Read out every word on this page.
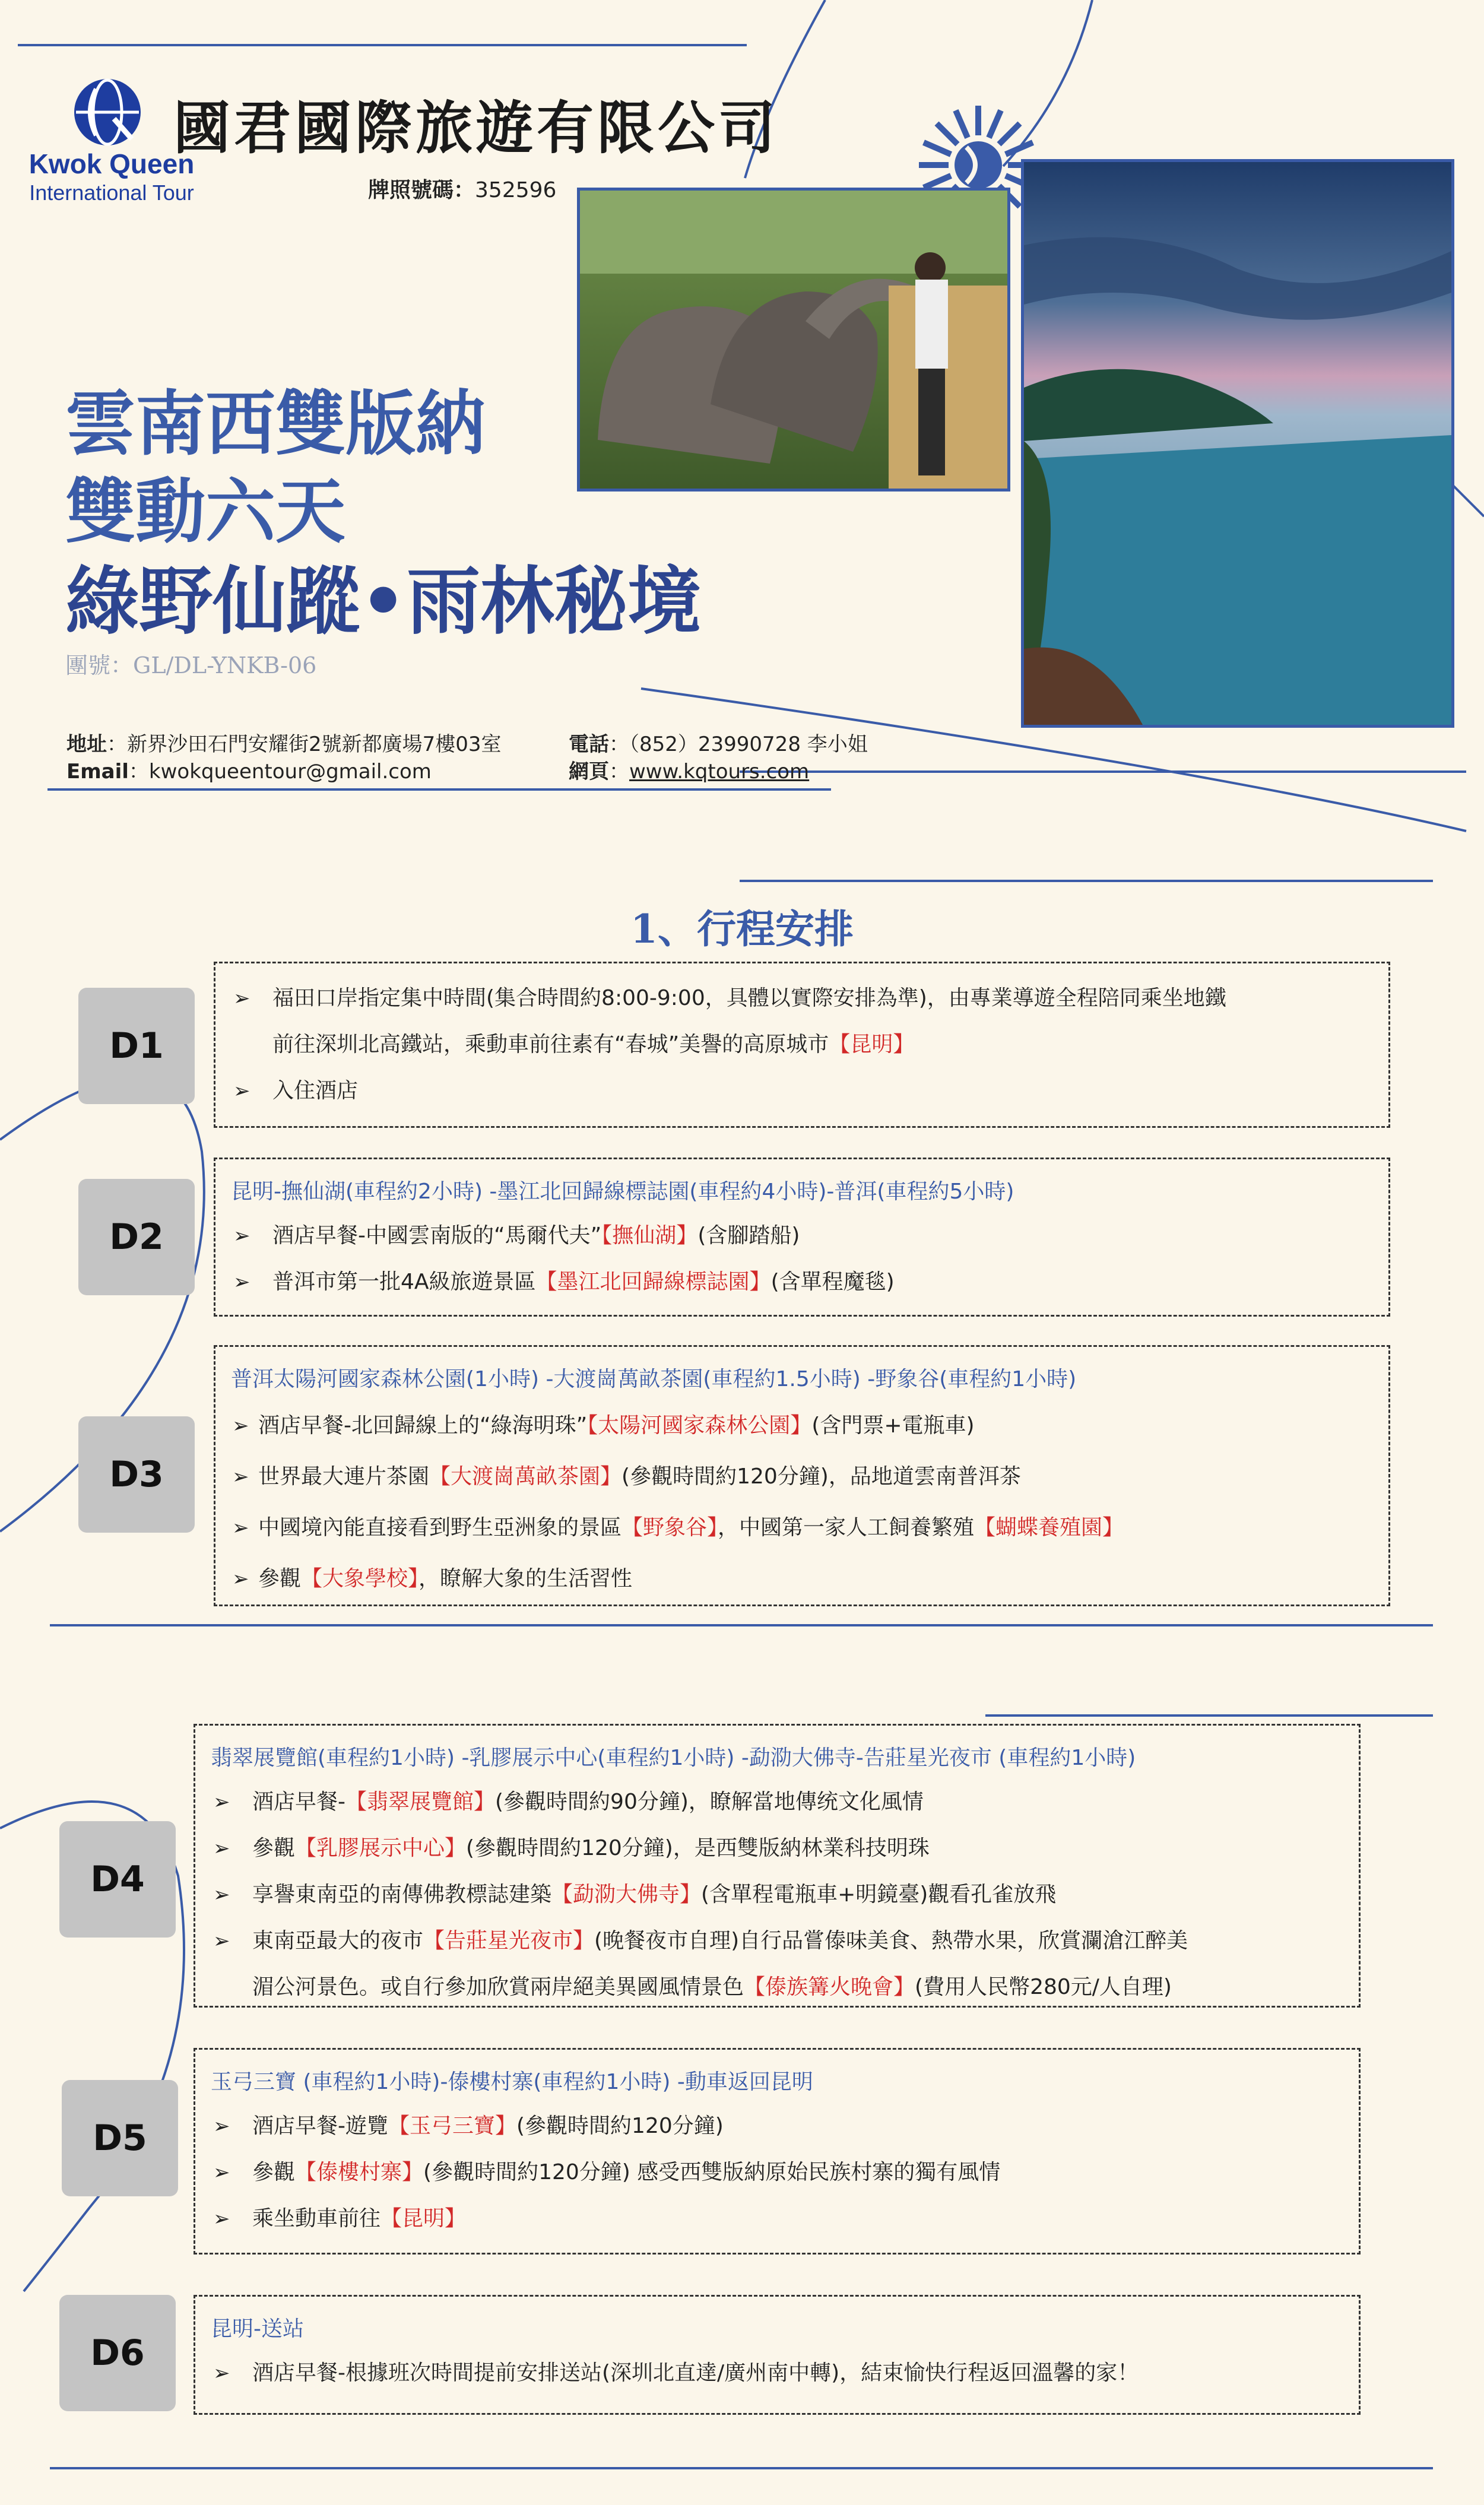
Kwok Queen
International Tour
國君國際旅遊有限公司
牌照號碼：352596
雲南西雙版納
雙動六天
綠野仙蹤•雨林秘境
團號：GL/DL-YNKB-06
地址：新界沙田石門安耀街2號新都廣場7樓03室
Email：kwokqueentour@gmail.com
電話：（852）23990728 李小姐
網頁：www.kqtours.com
1、行程安排
D1
➢ 福田口岸指定集中時間(集合時間約8:00-9:00，具體以實際安排為準)，由專業導遊全程陪同乘坐地鐵
前往深圳北高鐵站，乘動車前往素有“春城”美譽的高原城市【昆明】
➢ 入住酒店
D2
昆明-撫仙湖(車程約2小時) -墨江北回歸線標誌園(車程約4小時)-普洱(車程約5小時)
➢ 酒店早餐-中國雲南版的“馬爾代夫”【撫仙湖】(含腳踏船)
➢ 普洱市第一批4A級旅遊景區【墨江北回歸線標誌園】(含單程魔毯)
D3
普洱太陽河國家森林公園(1小時) -大渡崗萬畝茶園(車程約1.5小時) -野象谷(車程約1小時)
➢ 酒店早餐-北回歸線上的“綠海明珠”【太陽河國家森林公園】(含門票+電瓶車)
➢ 世界最大連片茶園【大渡崗萬畝茶園】(參觀時間約120分鐘)，品地道雲南普洱茶
➢ 中國境內能直接看到野生亞洲象的景區【野象谷】，中國第一家人工飼養繁殖【蝴蝶養殖園】
➢ 參觀【大象學校】，瞭解大象的生活習性
D4
翡翠展覽館(車程約1小時) -乳膠展示中心(車程約1小時) -勐泐大佛寺-告莊星光夜市 (車程約1小時)
➢ 酒店早餐-【翡翠展覽館】(參觀時間約90分鐘)，瞭解當地傳统文化風情
➢ 參觀【乳膠展示中心】(參觀時間約120分鐘)，是西雙版納林業科技明珠
➢ 享譽東南亞的南傳佛教標誌建築【勐泐大佛寺】(含單程電瓶車+明鏡臺)觀看孔雀放飛
➢ 東南亞最大的夜市【告莊星光夜市】(晚餐夜市自理)自行品嘗傣味美食、熱帶水果，欣賞瀾滄江醉美
湄公河景色。或自行參加欣賞兩岸絕美異國風情景色【傣族篝火晚會】(費用人民幣280元/人自理)
D5
玉弓三寶 (車程約1小時)-傣樓村寨(車程約1小時) -動車返回昆明
➢ 酒店早餐-遊覽【玉弓三寶】(參觀時間約120分鐘)
➢ 參觀【傣樓村寨】(參觀時間約120分鐘) 感受西雙版納原始民族村寨的獨有風情
➢ 乘坐動車前往【昆明】
D6
昆明-送站
➢ 酒店早餐-根據班次時間提前安排送站(深圳北直達/廣州南中轉)，結束愉快行程返回溫馨的家！
